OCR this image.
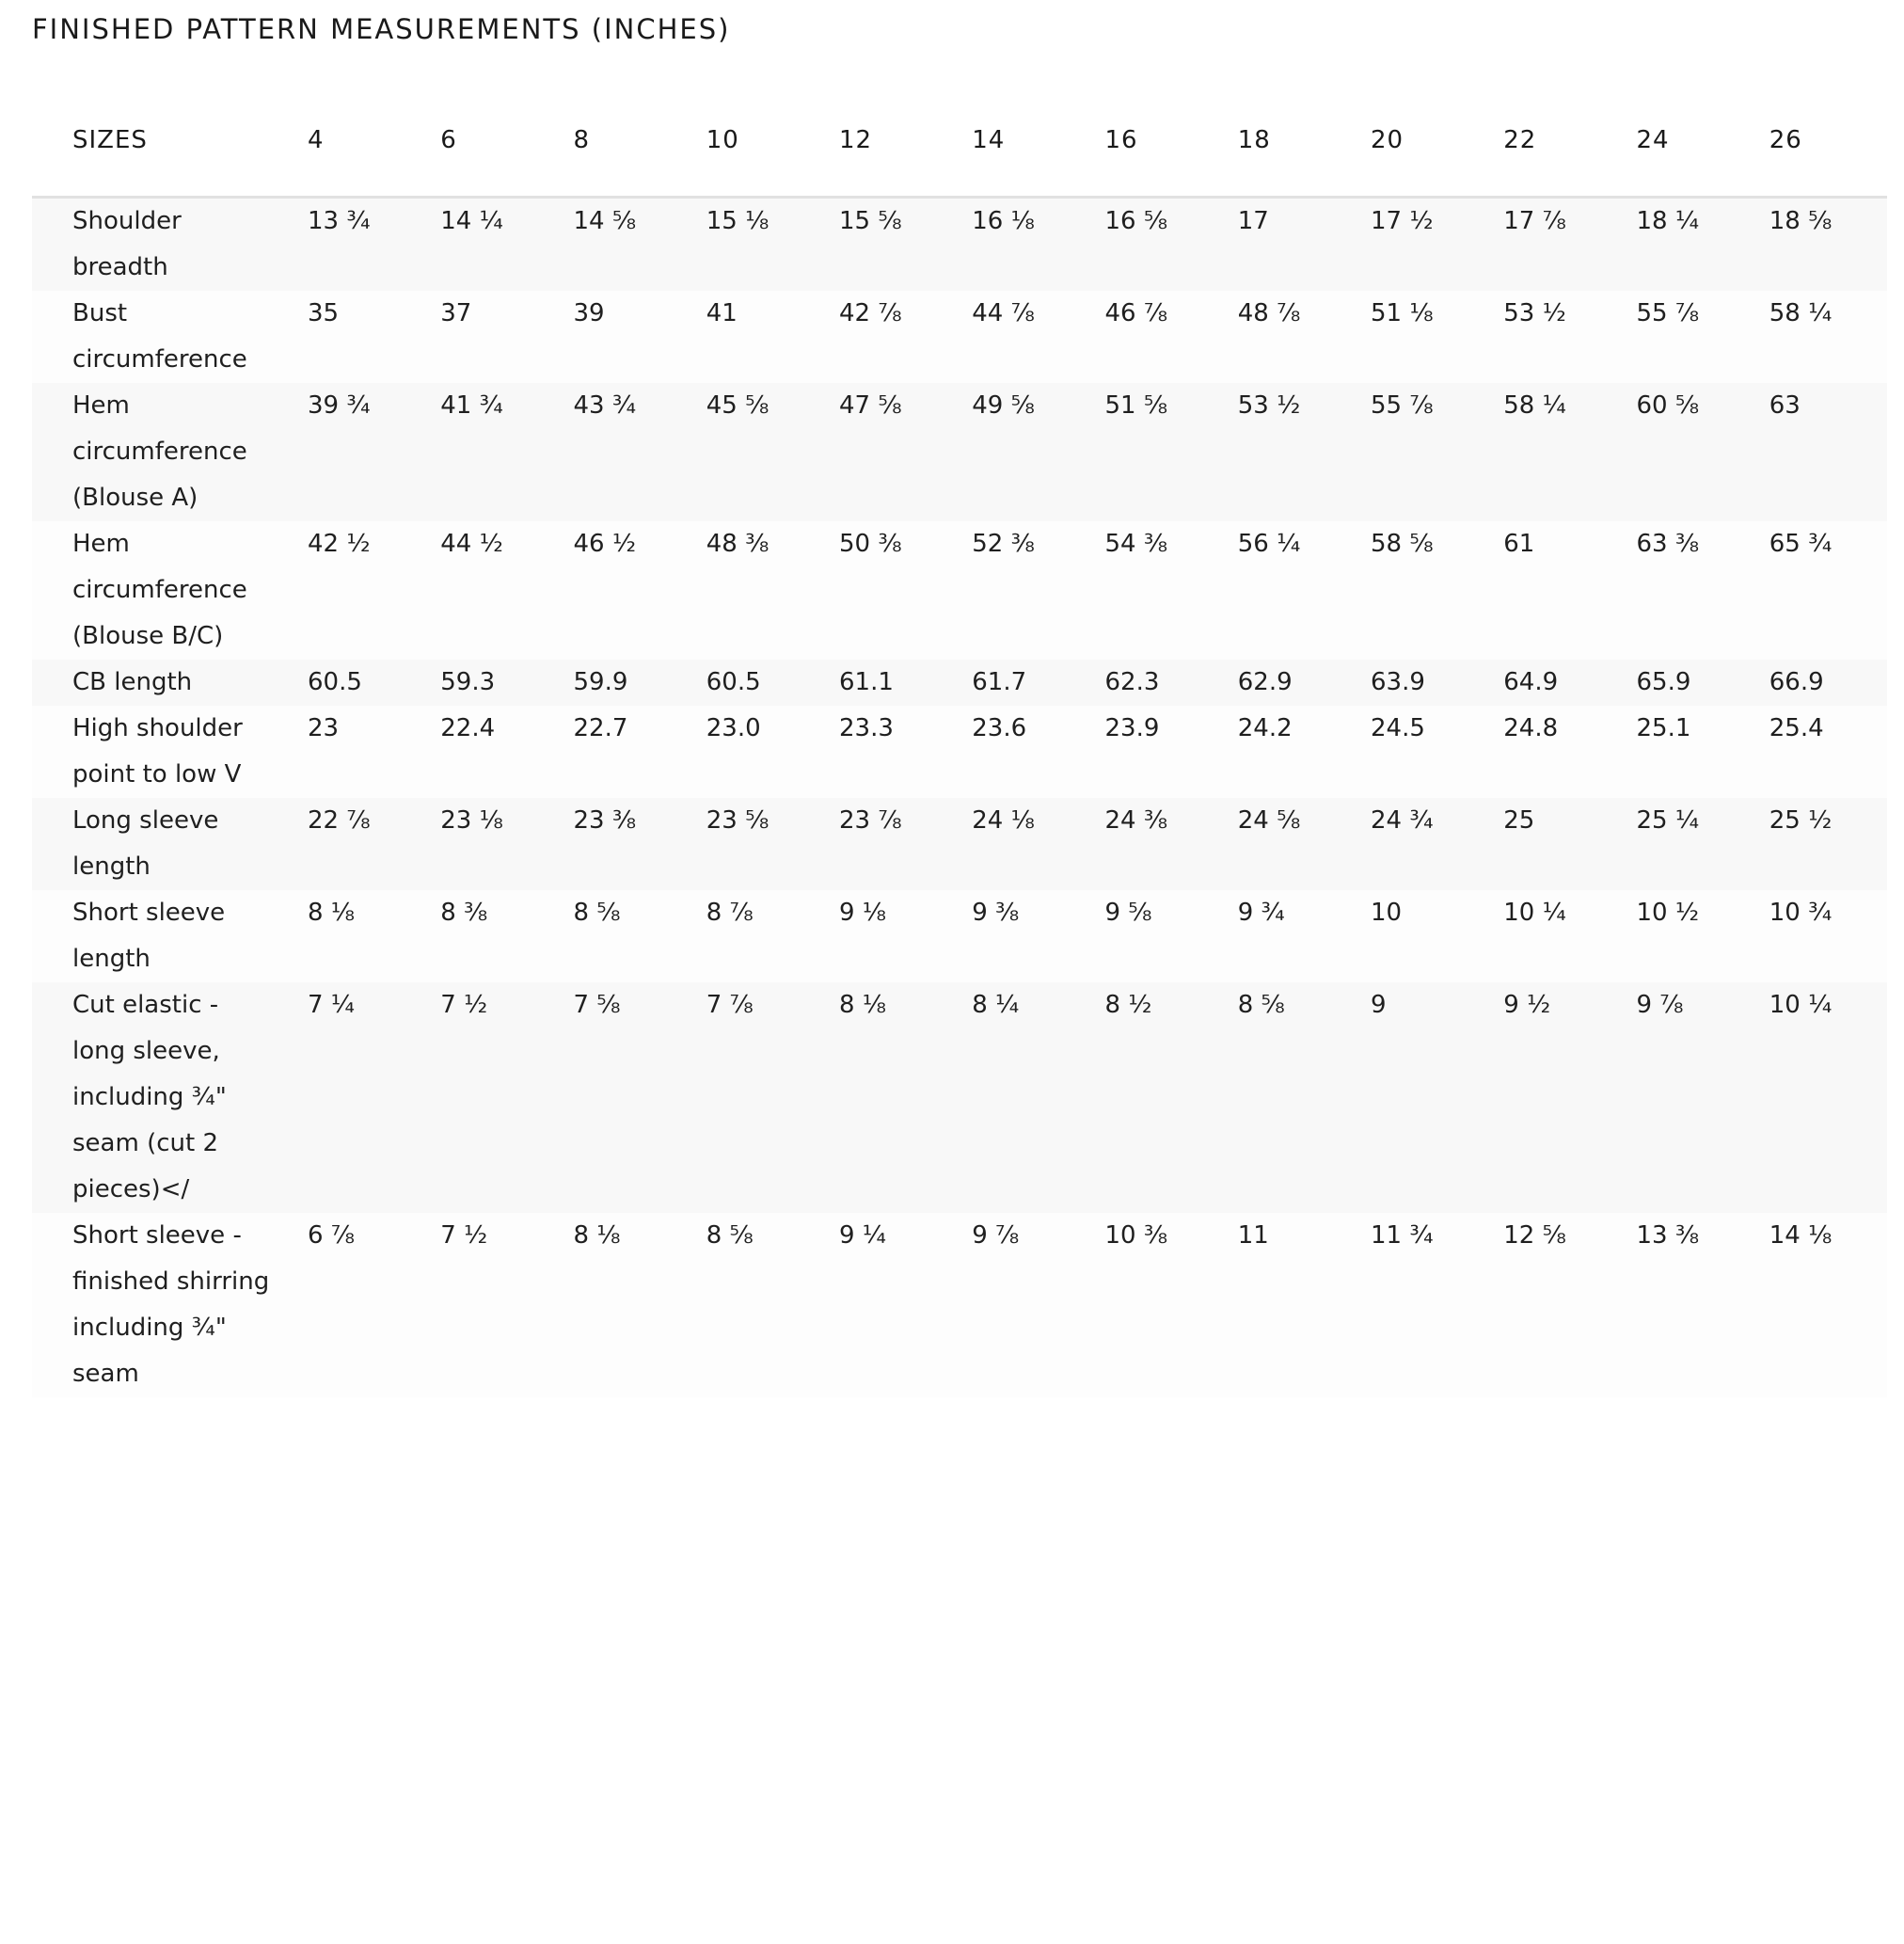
FINISHED PATTERN MEASUREMENTS (INCHES)
SIZES	4	6	8	10	12	14	16	18	20	22	24	26
Shoulder breadth	13 ¾	14 ¼	14 ⅝	15 ⅛	15 ⅝	16 ⅛	16 ⅝	17	17 ½	17 ⅞	18 ¼	18 ⅝
Bust circumference	35	37	39	41	42 ⅞	44 ⅞	46 ⅞	48 ⅞	51 ⅛	53 ½	55 ⅞	58 ¼
Hem circumference (Blouse A)	39 ¾	41 ¾	43 ¾	45 ⅝	47 ⅝	49 ⅝	51 ⅝	53 ½	55 ⅞	58 ¼	60 ⅝	63
Hem circumference (Blouse B/C)	42 ½	44 ½	46 ½	48 ⅜	50 ⅜	52 ⅜	54 ⅜	56 ¼	58 ⅝	61	63 ⅜	65 ¾
CB length	60.5	59.3	59.9	60.5	61.1	61.7	62.3	62.9	63.9	64.9	65.9	66.9
High shoulder point to low V	23	22.4	22.7	23.0	23.3	23.6	23.9	24.2	24.5	24.8	25.1	25.4
Long sleeve length	22 ⅞	23 ⅛	23 ⅜	23 ⅝	23 ⅞	24 ⅛	24 ⅜	24 ⅝	24 ¾	25	25 ¼	25 ½
Short sleeve length	8 ⅛	8 ⅜	8 ⅝	8 ⅞	9 ⅛	9 ⅜	9 ⅝	9 ¾	10	10 ¼	10 ½	10 ¾
Cut elastic - long sleeve, including ¾" seam (cut 2 pieces)</	7 ¼	7 ½	7 ⅝	7 ⅞	8 ⅛	8 ¼	8 ½	8 ⅝	9	9 ½	9 ⅞	10 ¼
Short sleeve - finished shirring including ¾" seam	6 ⅞	7 ½	8 ⅛	8 ⅝	9 ¼	9 ⅞	10 ⅜	11	11 ¾	12 ⅝	13 ⅜	14 ⅛
